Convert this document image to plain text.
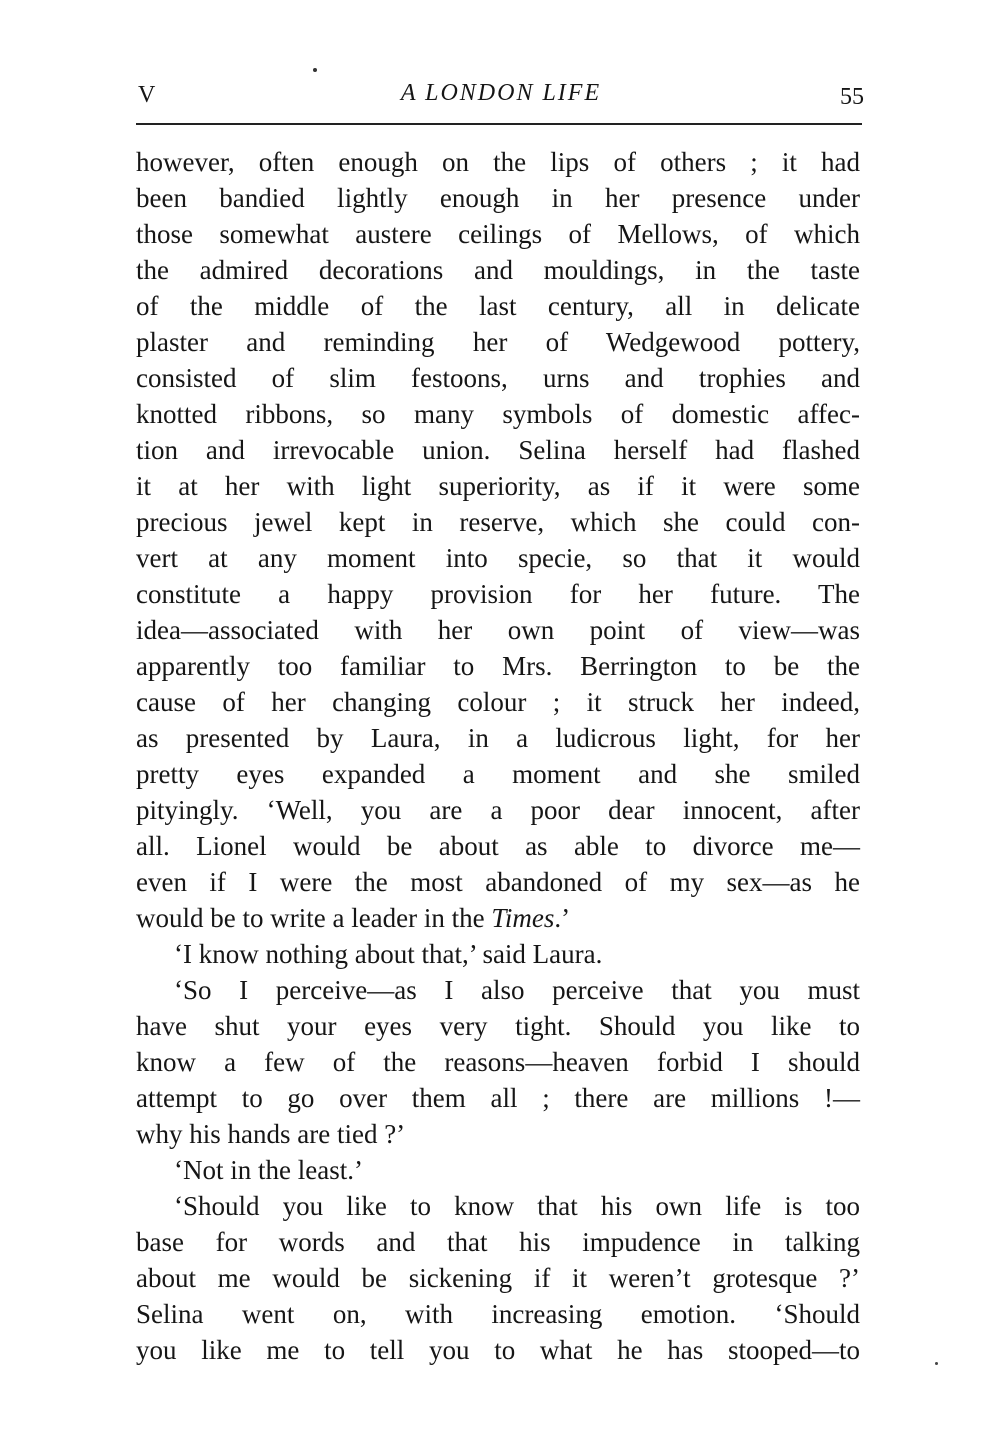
V	A LONDON LIFE	55
however, often enough on the lips of others ; it had
been bandied lightly enough in her presence under
those somewhat austere ceilings of Mellows, of which
the admired decorations and mouldings, in the taste
of the middle of the last century, all in delicate
plaster and reminding her of Wedgewood pottery,
consisted of slim festoons, urns and trophies and
knotted ribbons, so many symbols of domestic affec-
tion and irrevocable union. Selina herself had flashed
it at her with light superiority, as if it were some
precious jewel kept in reserve, which she could con-
vert at any moment into specie, so that it would
constitute a happy provision for her future. The
idea—associated with her own point of view—was
apparently too familiar to Mrs. Berrington to be the
cause of her changing colour ; it struck her indeed,
as presented by Laura, in a ludicrous light, for her
pretty eyes expanded a moment and she smiled
pityingly. ‘Well, you are a poor dear innocent, after
all. Lionel would be about as able to divorce me—
even if I were the most abandoned of my sex—as he
would be to write a leader in the Times.’
‘I know nothing about that,’ said Laura.
‘So I perceive—as I also perceive that you must
have shut your eyes very tight. Should you like to
know a few of the reasons—heaven forbid I should
attempt to go over them all ; there are millions !—
why his hands are tied ?’
‘Not in the least.’
‘Should you like to know that his own life is too
base for words and that his impudence in talking
about me would be sickening if it weren’t grotesque ?’
Selina went on, with increasing emotion. ‘Should
you like me to tell you to what he has stooped—to
